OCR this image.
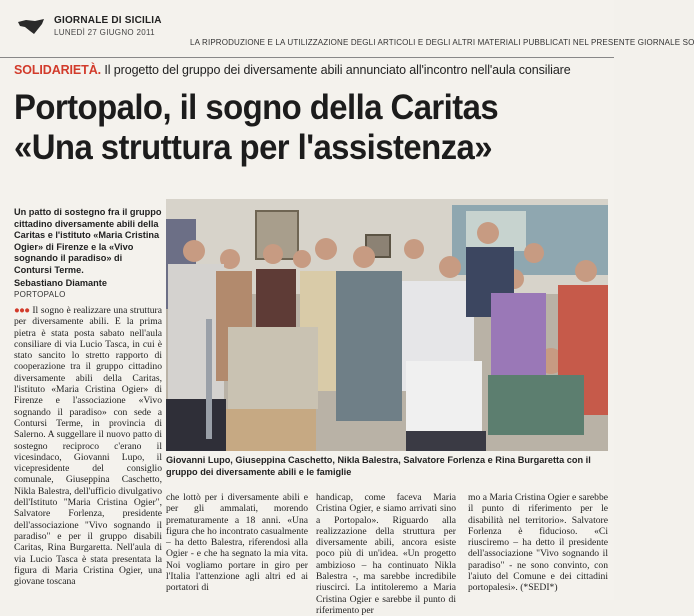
GIORNALE DI SICILIA
LUNEDÌ 27 GIUGNO 2011
LA RIPRODUZIONE E LA UTILIZZAZIONE DEGLI ARTICOLI E DEGLI ALTRI MATERIALI PUBBLICATI NEL PRESENTE GIORNALE SO
SOLIDARIETÀ. Il progetto del gruppo dei diversamente abili annunciato all'incontro nell'aula consiliare
Portopalo, il sogno della Caritas
«Una struttura per l'assistenza»
Un patto di sostegno fra il gruppo cittadino diversamente abili della Caritas e l'istituto «Maria Cristina Ogier» di Firenze e la «Vivo sognando il paradiso» di Contursi Terme.
Sebastiano Diamante
PORTOPALO
●●● Il sogno è realizzare una struttura per diversamente abili. E la prima pietra è stata posta sabato nell'aula consiliare di via Lucio Tasca, in cui è stato sancito lo stretto rapporto di cooperazione tra il gruppo cittadino diversamente abili della Caritas, l'istituto «Maria Cristina Ogier» di Firenze e l'associazione «Vivo sognando il paradiso» con sede a Contursi Terme, in provincia di Salerno. A suggellare il nuovo patto di sostegno reciproco c'erano il vicesindaco, Giovanni Lupo, il vicepresidente del consiglio comunale, Giuseppina Caschetto, Nikla Balestra, dell'ufficio divulgativo dell'Istituto "Maria Cristina Ogier", Salvatore Forlenza, presidente dell'associazione "Vivo sognando il paradiso" e per il gruppo disabili Caritas, Rina Burgaretta. Nell'aula di via Lucio Tasca è stata presentata la figura di Maria Cristina Ogier, una giovane toscana
Giovanni Lupo, Giuseppina Caschetto, Nikla Balestra, Salvatore Forlenza e Rina Burgaretta con il gruppo dei diversamente abili e le famiglie
che lottò per i diversamente abili e per gli ammalati, morendo prematuramente a 18 anni. «Una figura che ho incontrato casualmente – ha detto Balestra, riferendosi alla Ogier - e che ha segnato la mia vita. Noi vogliamo portare in giro per l'Italia l'attenzione agli altri ed ai portatori di
handicap, come faceva Maria Cristina Ogier, e siamo arrivati sino a Portopalo». Riguardo alla realizzazione della struttura per diversamente abili, ancora esiste poco più di un'idea. «Un progetto ambizioso – ha continuato Nikla Balestra -, ma sarebbe incredibile riuscirci. La intitoleremo a Maria Cristina Ogier e sarebbe il punto di riferimento per
mo a Maria Cristina Ogier e sarebbe il punto di riferimento per le disabilità nel territorio». Salvatore Forlenza è fiducioso. «Ci riusciremo – ha detto il presidente dell'associazione "Vivo sognando il paradiso" - ne sono convinto, con l'aiuto del Comune e dei cittadini portopalesi». (*SEDI*)
